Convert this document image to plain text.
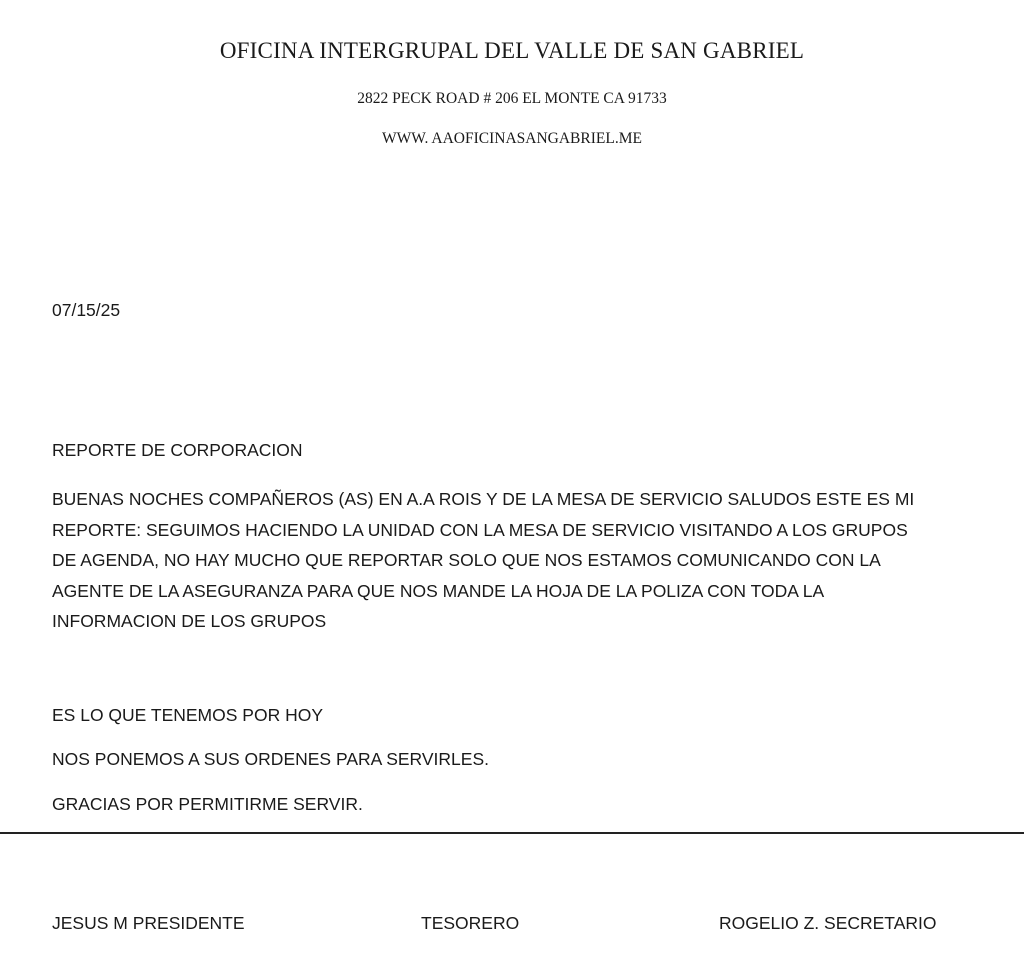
OFICINA INTERGRUPAL DEL VALLE DE SAN GABRIEL
2822 PECK ROAD # 206 EL MONTE CA 91733
WWW. AAOFICINASANGABRIEL.ME
07/15/25
REPORTE DE CORPORACION
BUENAS NOCHES COMPAÑEROS (AS) EN A.A ROIS Y DE LA MESA DE SERVICIO SALUDOS ESTE ES MI
REPORTE: SEGUIMOS HACIENDO LA UNIDAD CON LA MESA DE SERVICIO VISITANDO A LOS GRUPOS
DE AGENDA, NO HAY MUCHO QUE REPORTAR SOLO QUE NOS ESTAMOS COMUNICANDO CON LA
AGENTE DE LA ASEGURANZA PARA QUE NOS MANDE LA HOJA DE LA POLIZA CON TODA LA
INFORMACION DE LOS GRUPOS
ES LO QUE TENEMOS POR HOY
NOS PONEMOS A SUS ORDENES PARA SERVIRLES.
GRACIAS POR PERMITIRME SERVIR.
JESUS M PRESIDENTE	TESORERO	ROGELIO Z. SECRETARIO
